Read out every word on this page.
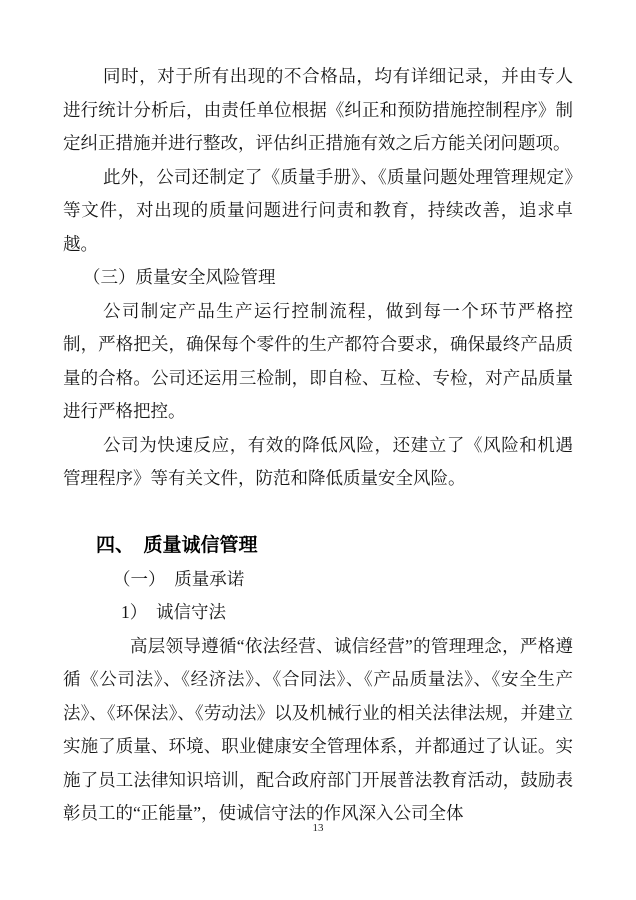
同时，对于所有出现的不合格品，均有详细记录，并由专人进行统计分析后，由责任单位根据《纠正和预防措施控制程序》制定纠正措施并进行整改，评估纠正措施有效之后方能关闭问题项。

此外，公司还制定了《质量手册》、《质量问题处理管理规定》等文件，对出现的质量问题进行问责和教育，持续改善，追求卓越。

（三）质量安全风险管理

公司制定产品生产运行控制流程，做到每一个环节严格控制，严格把关，确保每个零件的生产都符合要求，确保最终产品质量的合格。公司还运用三检制，即自检、互检、专检，对产品质量进行严格把控。

公司为快速反应，有效的降低风险，还建立了《风险和机遇管理程序》等有关文件，防范和降低质量安全风险。

四、　质量诚信管理

（一）　质量承诺

1）　诚信守法

高层领导遵循“依法经营、诚信经营”的管理理念，严格遵循《公司法》、《经济法》、《合同法》、《产品质量法》、《安全生产法》、《环保法》、《劳动法》以及机械行业的相关法律法规，并建立实施了质量、环境、职业健康安全管理体系，并都通过了认证。实施了员工法律知识培训，配合政府部门开展普法教育活动，鼓励表彰员工的“正能量”，使诚信守法的作风深入公司全体

13
